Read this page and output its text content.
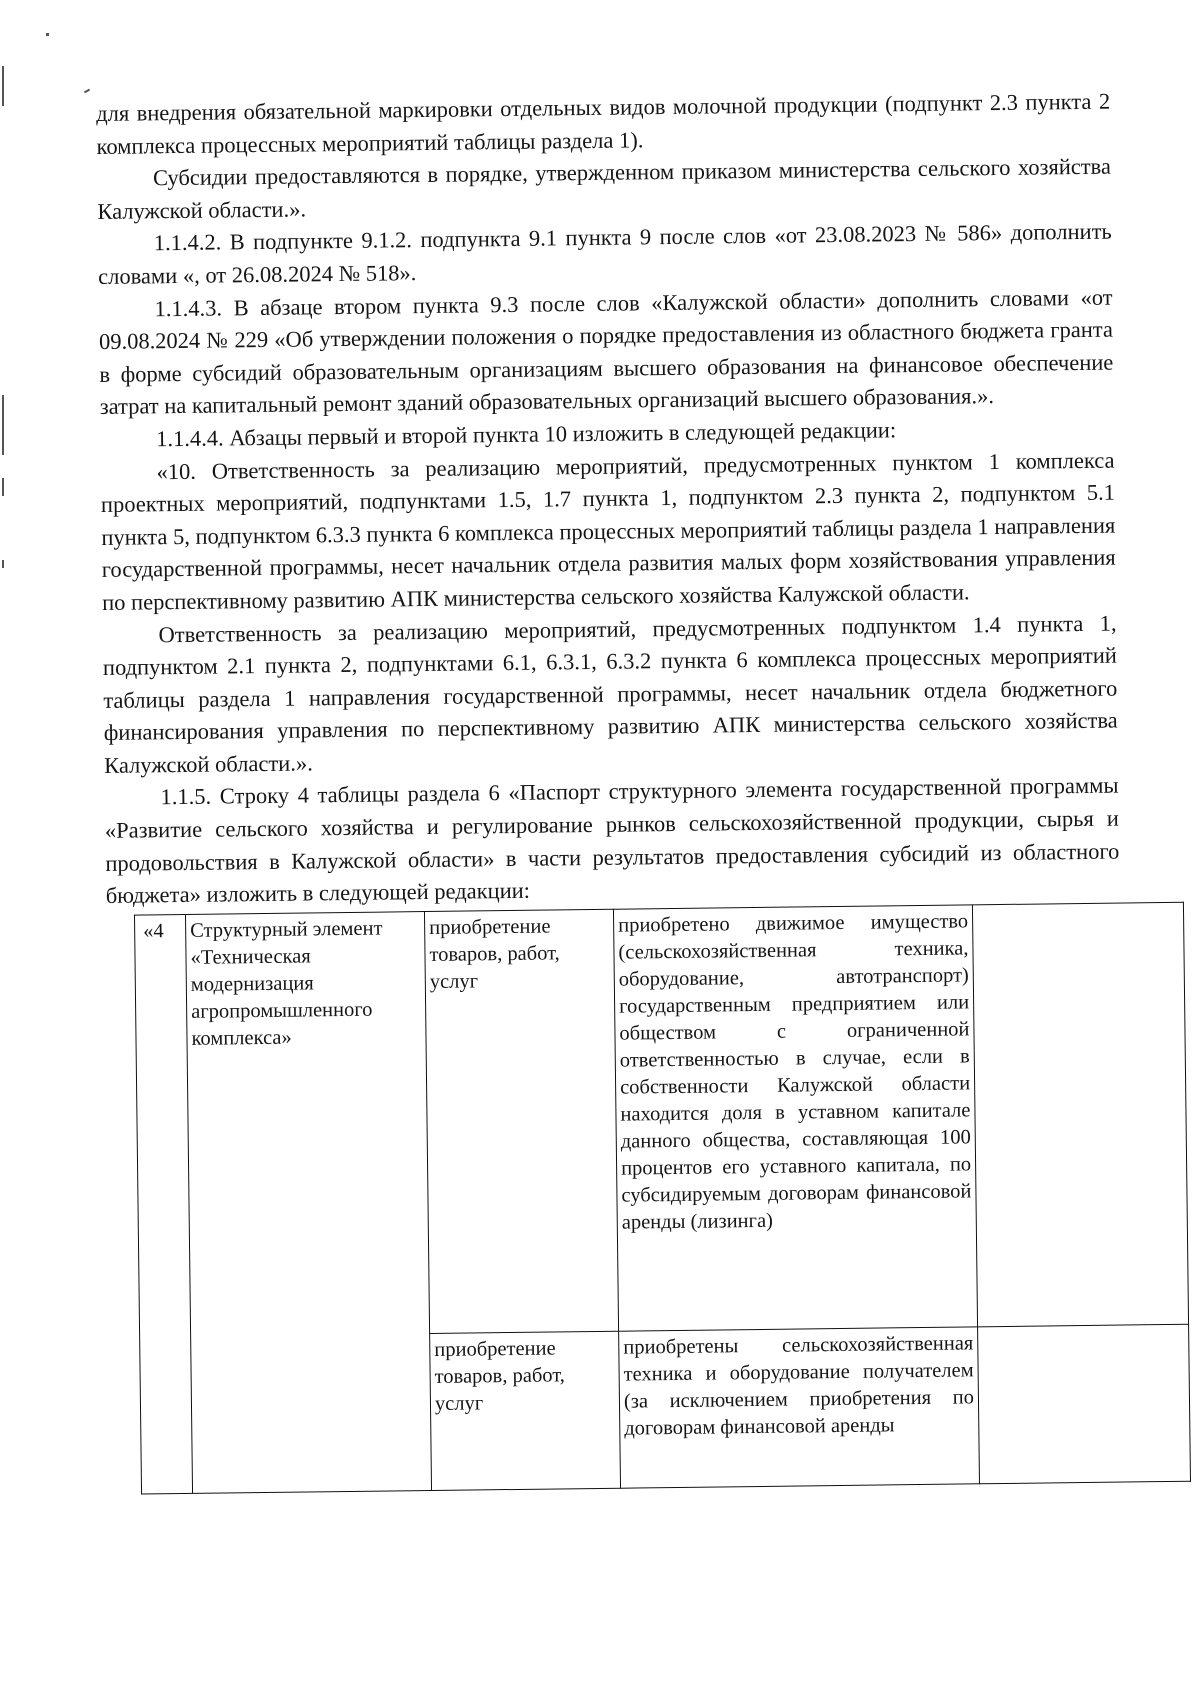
для внедрения обязательной маркировки отдельных видов молочной продукции (подпункт 2.3 пункта 2 комплекса процессных мероприятий таблицы раздела 1).

Субсидии предоставляются в порядке, утвержденном приказом министерства сельского хозяйства Калужской области.».

1.1.4.2. В подпункте 9.1.2. подпункта 9.1 пункта 9 после слов «от 23.08.2023 № 586» дополнить словами «, от 26.08.2024 № 518».

1.1.4.3. В абзаце втором пункта 9.3 после слов «Калужской области» дополнить словами «от 09.08.2024 № 229 «Об утверждении положения о порядке предоставления из областного бюджета гранта в форме субсидий образовательным организациям высшего образования на финансовое обеспечение затрат на капитальный ремонт зданий образовательных организаций высшего образования.».

1.1.4.4. Абзацы первый и второй пункта 10 изложить в следующей редакции:

«10. Ответственность за реализацию мероприятий, предусмотренных пунктом 1 комплекса проектных мероприятий, подпунктами 1.5, 1.7 пункта 1, подпунктом 2.3 пункта 2, подпунктом 5.1 пункта 5, подпунктом 6.3.3 пункта 6 комплекса процессных мероприятий таблицы раздела 1 направления государственной программы, несет начальник отдела развития малых форм хозяйствования управления по перспективному развитию АПК министерства сельского хозяйства Калужской области.

Ответственность за реализацию мероприятий, предусмотренных подпунктом 1.4 пункта 1, подпунктом 2.1 пункта 2, подпунктами 6.1, 6.3.1, 6.3.2 пункта 6 комплекса процессных мероприятий таблицы раздела 1 направления государственной программы, несет начальник отдела бюджетного финансирования управления по перспективному развитию АПК министерства сельского хозяйства Калужской области.».

1.1.5. Строку 4 таблицы раздела 6 «Паспорт структурного элемента государственной программы «Развитие сельского хозяйства и регулирование рынков сельскохозяйственной продукции, сырья и продовольствия в Калужской области» в части результатов предоставления субсидий из областного бюджета» изложить в следующей редакции:

«4	Структурный элемент «Техническая модернизация агропромышленного комплекса»	приобретение товаров, работ, услуг	приобретено движимое имущество (сельскохозяйственная техника, оборудование, автотранспорт) государственным предприятием или обществом с ограниченной ответственностью в случае, если в собственности Калужской области находится доля в уставном капитале данного общества, составляющая 100 процентов его уставного капитала, по субсидируемым договорам финансовой аренды (лизинга)	

		приобретение товаров, работ, услуг	приобретены сельскохозяйственная техника и оборудование получателем (за исключением приобретения по договорам финансовой аренды	
